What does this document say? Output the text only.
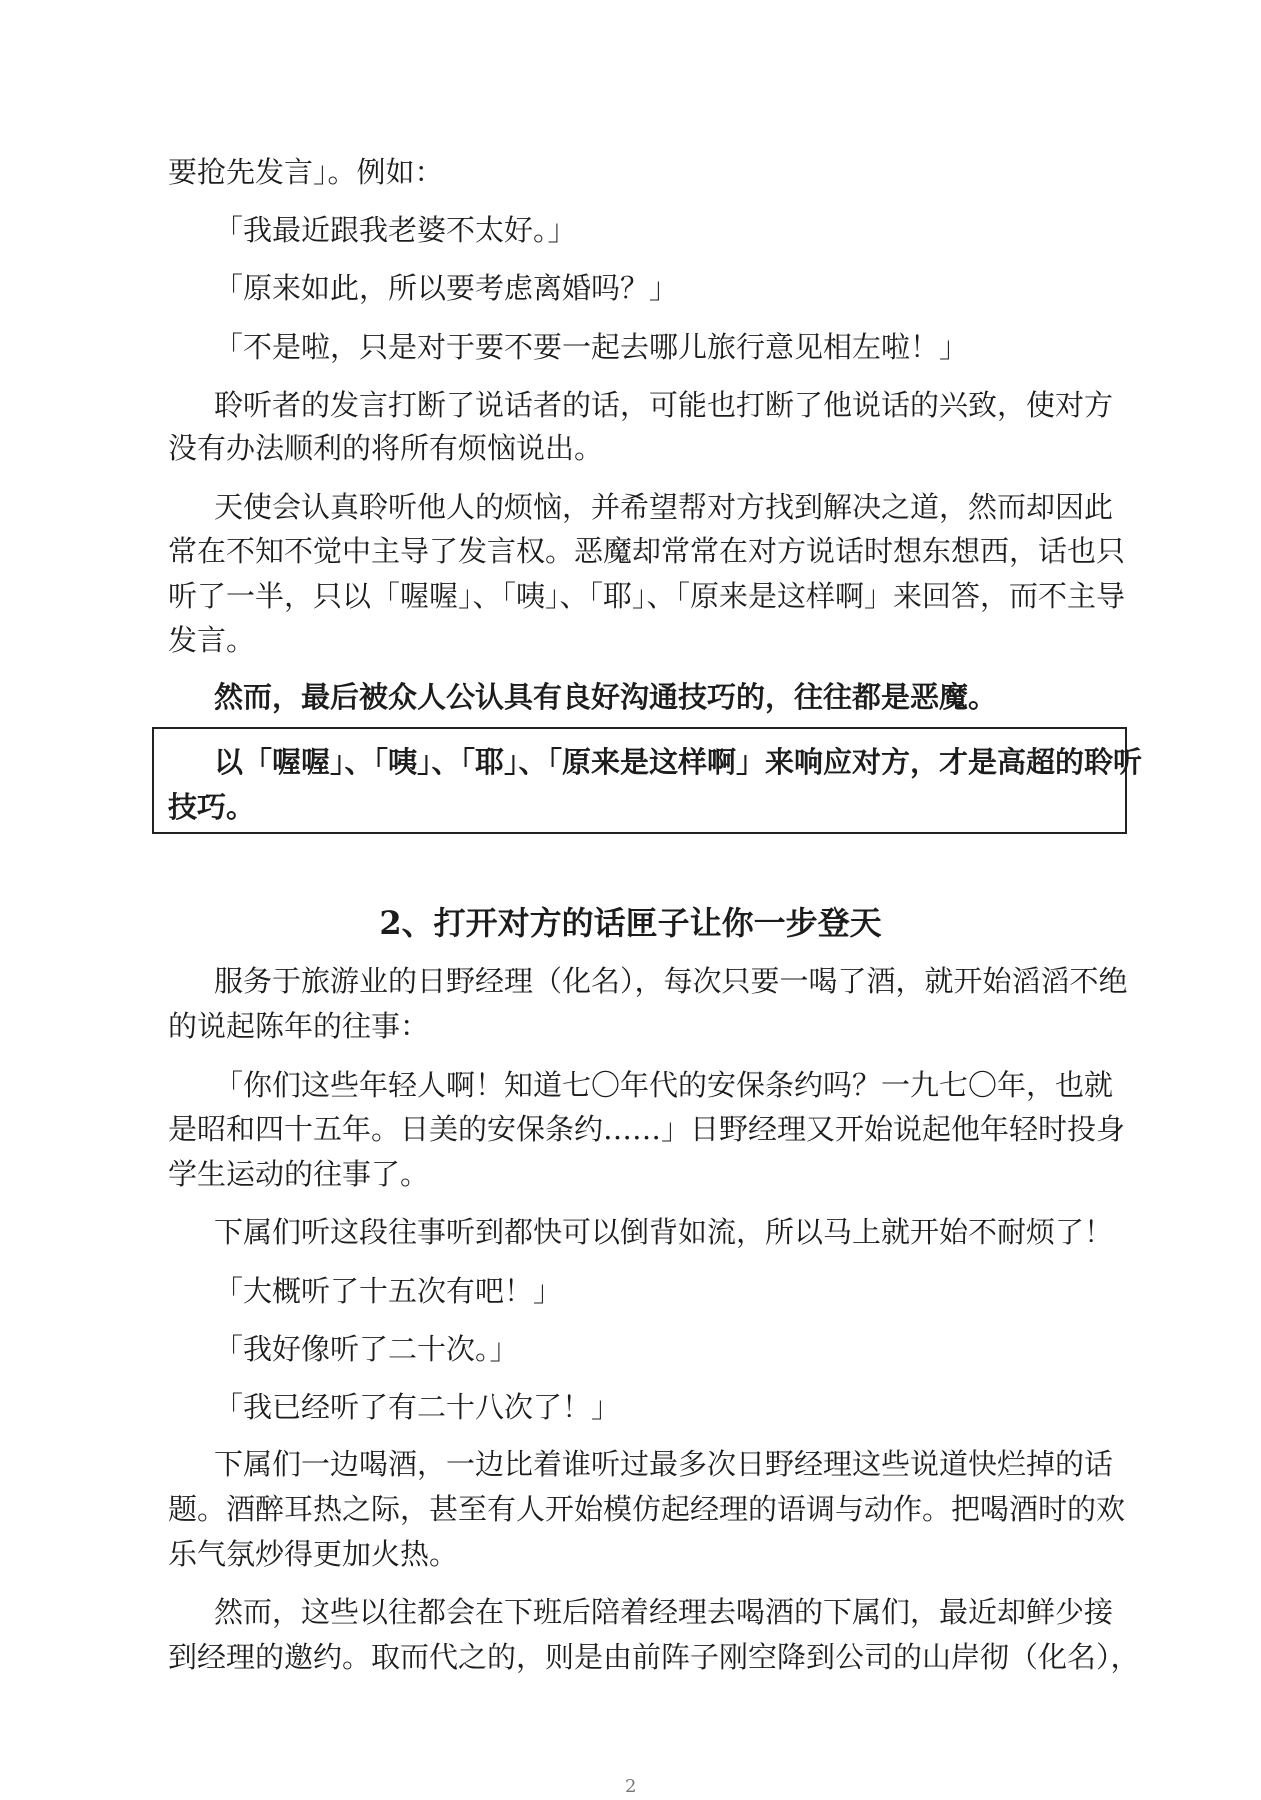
要抢先发言」。例如：

「我最近跟我老婆不太好。」

「原来如此，所以要考虑离婚吗？」

「不是啦，只是对于要不要一起去哪儿旅行意见相左啦！」

聆听者的发言打断了说话者的话，可能也打断了他说话的兴致，使对方

没有办法顺利的将所有烦恼说出。

天使会认真聆听他人的烦恼，并希望帮对方找到解决之道，然而却因此

常在不知不觉中主导了发言权。恶魔却常常在对方说话时想东想西，话也只

听了一半，只以「喔喔」、「咦」、「耶」、「原来是这样啊」来回答，而不主导

发言。

然而，最后被众人公认具有良好沟通技巧的，往往都是恶魔。

以「喔喔」、「咦」、「耶」、「原来是这样啊」来响应对方，才是高超的聆听

技巧。

2、打开对方的话匣子让你一步登天

服务于旅游业的日野经理（化名），每次只要一喝了酒，就开始滔滔不绝

的说起陈年的往事：

「你们这些年轻人啊！知道七〇年代的安保条约吗？一九七〇年，也就

是昭和四十五年。日美的安保条约……」日野经理又开始说起他年轻时投身

学生运动的往事了。

下属们听这段往事听到都快可以倒背如流，所以马上就开始不耐烦了！

「大概听了十五次有吧！」

「我好像听了二十次。」

「我已经听了有二十八次了！」

下属们一边喝酒，一边比着谁听过最多次日野经理这些说道快烂掉的话

题。酒醉耳热之际，甚至有人开始模仿起经理的语调与动作。把喝酒时的欢

乐气氛炒得更加火热。

然而，这些以往都会在下班后陪着经理去喝酒的下属们，最近却鲜少接

到经理的邀约。取而代之的，则是由前阵子刚空降到公司的山岸彻（化名），

2
